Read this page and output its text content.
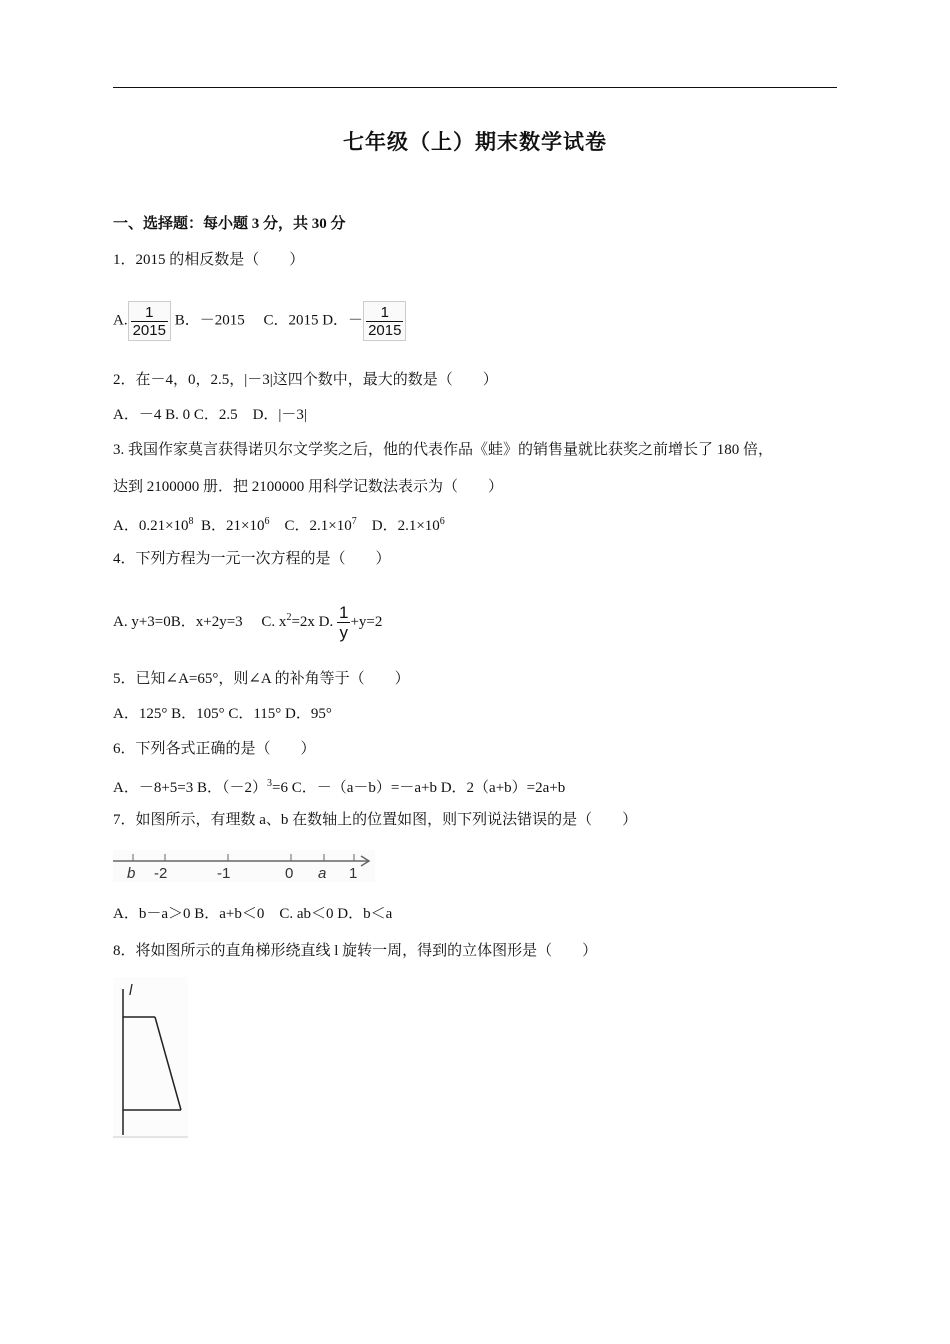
七年级（上）期末数学试卷
一、选择题：每小题 3 分，共 30 分
1．2015 的相反数是（　　）
A. $\frac{1}{2015}$ B．－2015　 C．2015 D．－ $\frac{1}{2015}$
2．在－4，0，2.5，|－3|这四个数中，最大的数是（　　）
A．－4 B. 0 C．2.5　D．|－3|
3. 我国作家莫言获得诺贝尔文学奖之后，他的代表作品《蛙》的销售量就比获奖之前增长了 180 倍，
达到 2100000 册．把 2100000 用科学记数法表示为（　　）
A．$0.21\times 10^8$ B．$21\times 10^6$ C．$2.1\times 10^7$ D．$2.1\times 10^6$
4．下列方程为一元一次方程的是（　　）
A. y+3=0B．x+2y=3　 C. $x^2=2x$ D. $\frac{1}{y} +y=2$
5．已知∠A=65°，则∠A 的补角等于（　　）
A．125° B．105° C．115° D．95°
6．下列各式正确的是（　　）
A．－8+5=3 B．$(-2)^3=6$ C．－（a－b）=－a+b D．2（a+b）=2a+b
7．如图所示，有理数 a、b 在数轴上的位置如图，则下列说法错误的是（　　）
b -2	-1	0 a 1
A．b－a＞0 B．a+b＜0　C. ab＜0 D．b＜a
8．将如图所示的直角梯形绕直线 l 旋转一周，得到的立体图形是（　　）
l
